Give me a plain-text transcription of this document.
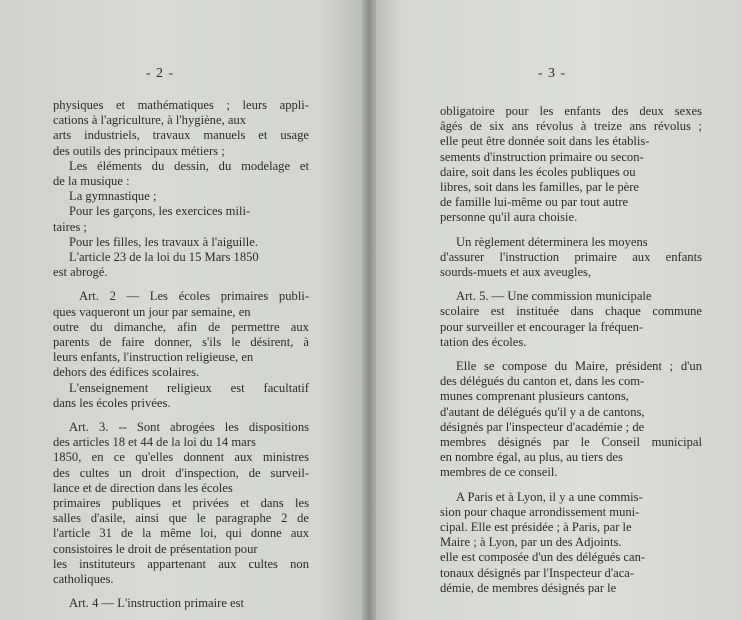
- 2 -
physiques et mathématiques ; leurs appli-
cations à l'agriculture, à l'hygiène, aux
arts industriels, travaux manuels et usage
des outils des principaux métiers ;
Les éléments du dessin, du modelage et
de la musique :
La gymnastique ;
Pour les garçons, les exercices mili-
taires ;
Pour les filles, les travaux à l'aiguille.
L'article 23 de la loi du 15 Mars 1850
est abrogé.
Art. 2 — Les écoles primaires publi-
ques vaqueront un jour par semaine, en
outre du dimanche, afin de permettre aux
parents de faire donner, s'ils le désirent, à
leurs enfants, l'instruction religieuse, en
dehors des édifices scolaires.
L'enseignement religieux est facultatif
dans les écoles privées.
Art. 3. -- Sont abrogées les dispositions
des articles 18 et 44 de la loi du 14 mars
1850, en ce qu'elles donnent aux ministres
des cultes un droit d'inspection, de surveil-
lance et de direction dans les écoles
primaires publiques et privées et dans les
salles d'asile, ainsi que le paragraphe 2 de
l'article 31 de la même loi, qui donne aux
consistoires le droit de présentation pour
les instituteurs appartenant aux cultes non
catholiques.
Art. 4 — L'instruction primaire est
- 3 -
obligatoire pour les enfants des deux sexes
âgés de six ans révolus à treize ans révolus ;
elle peut être donnée soit dans les établis-
sements d'instruction primaire ou secon-
daire, soit dans les écoles publiques ou
libres, soit dans les familles, par le père
de famille lui-même ou par tout autre
personne qu'il aura choisie.
Un règlement déterminera les moyens
d'assurer l'instruction primaire aux enfants
sourds-muets et aux aveugles,
Art. 5. — Une commission municipale
scolaire est instituée dans chaque commune
pour surveiller et encourager la fréquen-
tation des écoles.
Elle se compose du Maire, président ; d'un
des délégués du canton et, dans les com-
munes comprenant plusieurs cantons,
d'autant de délégués qu'il y a de cantons,
désignés par l'inspecteur d'académie ; de
membres désignés par le Conseil municipal
en nombre égal, au plus, au tiers des
membres de ce conseil.
A Paris et à Lyon, il y a une commis-
sion pour chaque arrondissement muni-
cipal. Elle est présidée ; à Paris, par le
Maire ; à Lyon, par un des Adjoints.
elle est composée d'un des délégués can-
tonaux désignés par l'Inspecteur d'aca-
démie, de membres désignés par le
